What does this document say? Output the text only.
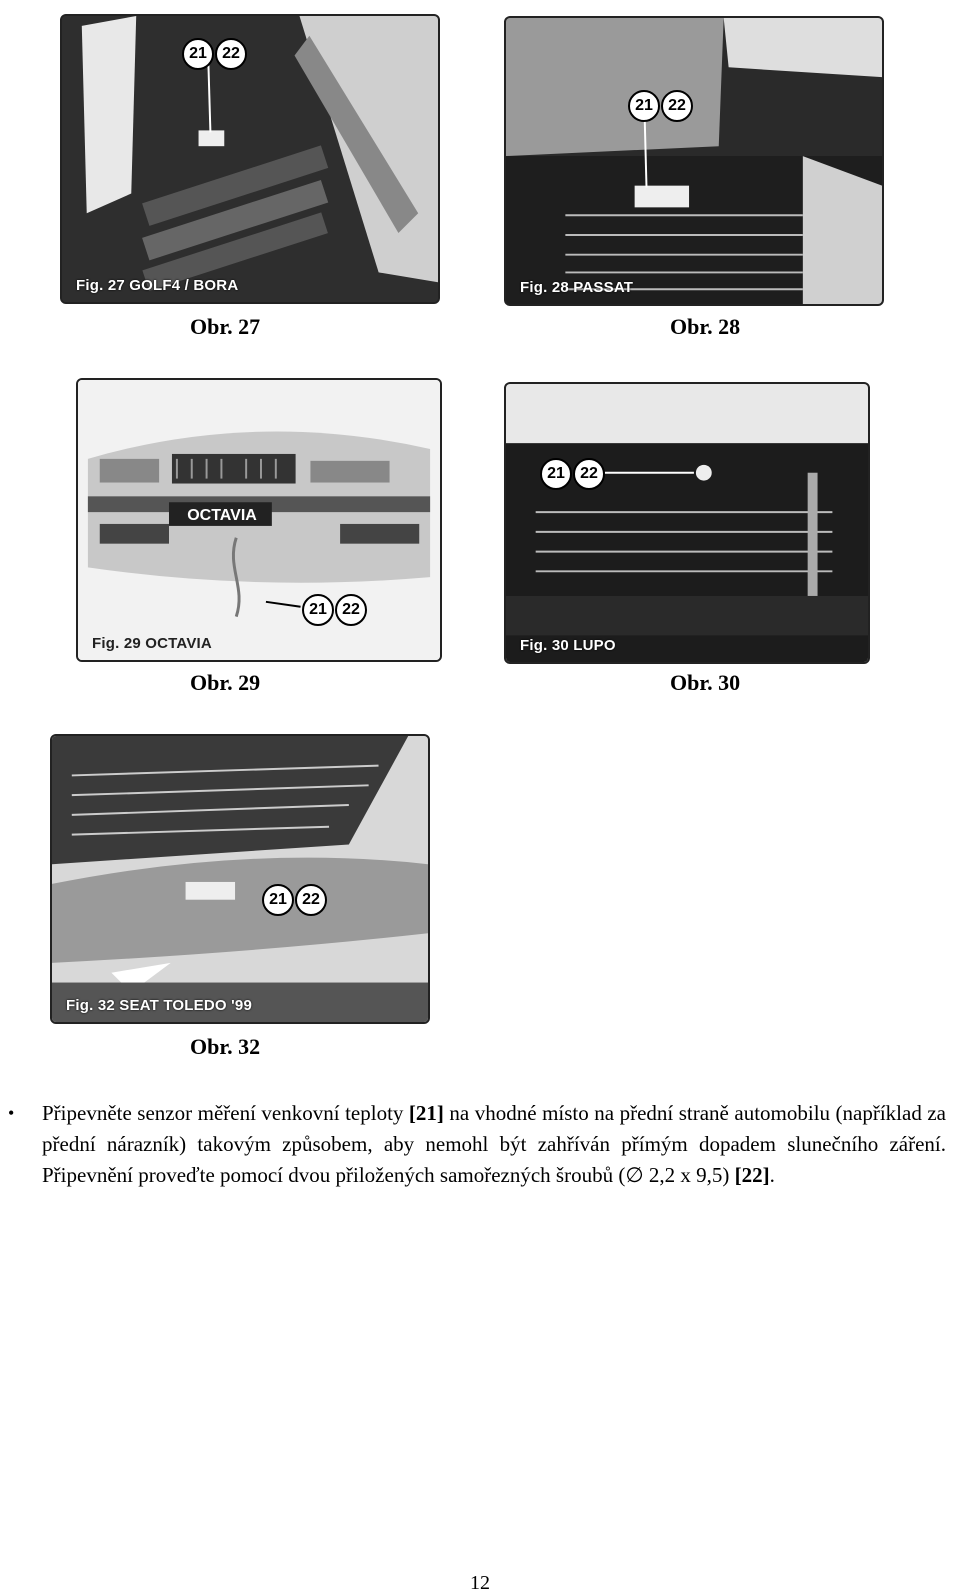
21 22
Fig. 27 GOLF4 / BORA
Obr. 27
21 22
Fig. 28 PASSAT
Obr. 28
OCTAVIA
21 22
Fig. 29 OCTAVIA
Obr. 29
21 22
Fig. 30 LUPO
Obr. 30
21 22
Fig. 32 SEAT TOLEDO '99
Obr. 32
• Připevněte senzor měření venkovní teploty [21] na vhodné místo na přední straně automobilu (například za přední nárazník) takovým způsobem, aby nemohl být zahříván přímým dopadem slunečního záření. Připevnění proveďte pomocí dvou přiložených samořezných šroubů (∅ 2,2 x 9,5) [22].
12
